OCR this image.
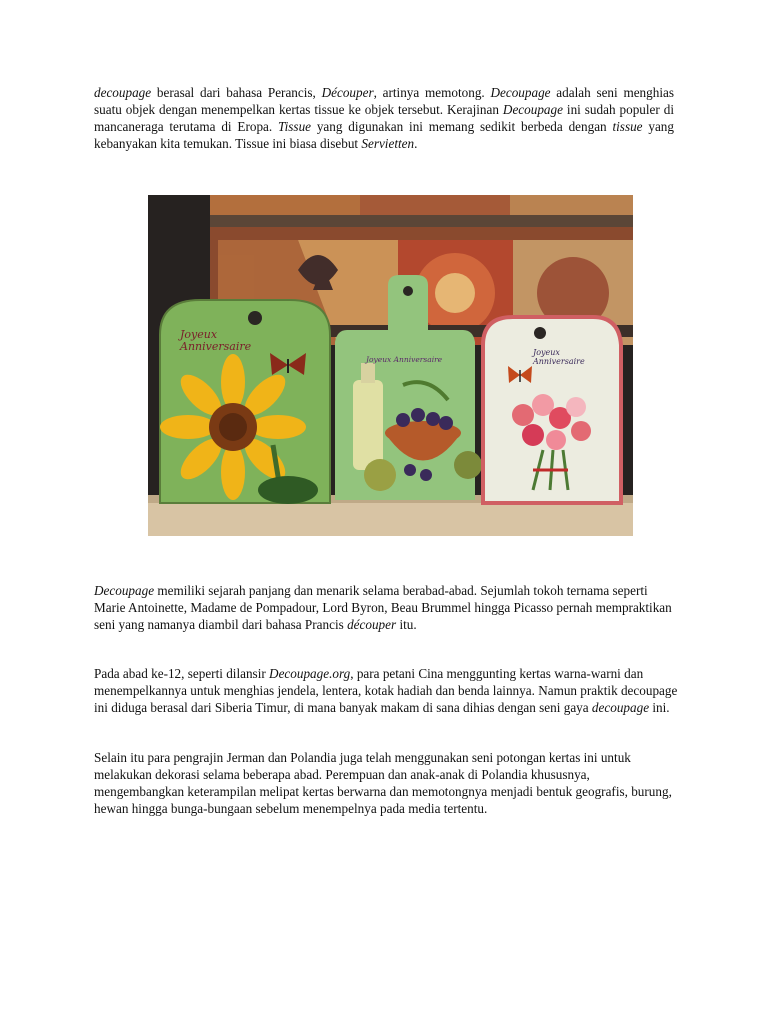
decoupage berasal dari bahasa Perancis, Découper, artinya memotong. Decoupage adalah seni menghias suatu objek dengan menempelkan kertas tissue ke objek tersebut. Kerajinan Decoupage ini sudah populer di mancaneraga terutama di Eropa. Tissue yang digunakan ini memang sedikit berbeda dengan tissue yang kebanyakan kita temukan. Tissue ini biasa disebut Servietten.

Joyeux Anniversaire
Joyeux Anniversaire
Joyeux Anniversaire

Decoupage memiliki sejarah panjang dan menarik selama berabad-abad. Sejumlah tokoh ternama seperti Marie Antoinette, Madame de Pompadour, Lord Byron, Beau Brummel hingga Picasso pernah mempraktikan seni yang namanya diambil dari bahasa Prancis découper itu.

Pada abad ke-12, seperti dilansir Decoupage.org, para petani Cina menggunting kertas warna-warni dan menempelkannya untuk menghias jendela, lentera, kotak hadiah dan benda lainnya. Namun praktik decoupage ini diduga berasal dari Siberia Timur, di mana banyak makam di sana dihias dengan seni gaya decoupage ini.

Selain itu para pengrajin Jerman dan Polandia juga telah menggunakan seni potongan kertas ini untuk melakukan dekorasi selama beberapa abad. Perempuan dan anak-anak di Polandia khususnya, mengembangkan keterampilan melipat kertas berwarna dan memotongnya menjadi bentuk geografis, burung, hewan hingga bunga-bungaan sebelum menempelnya pada media tertentu.
